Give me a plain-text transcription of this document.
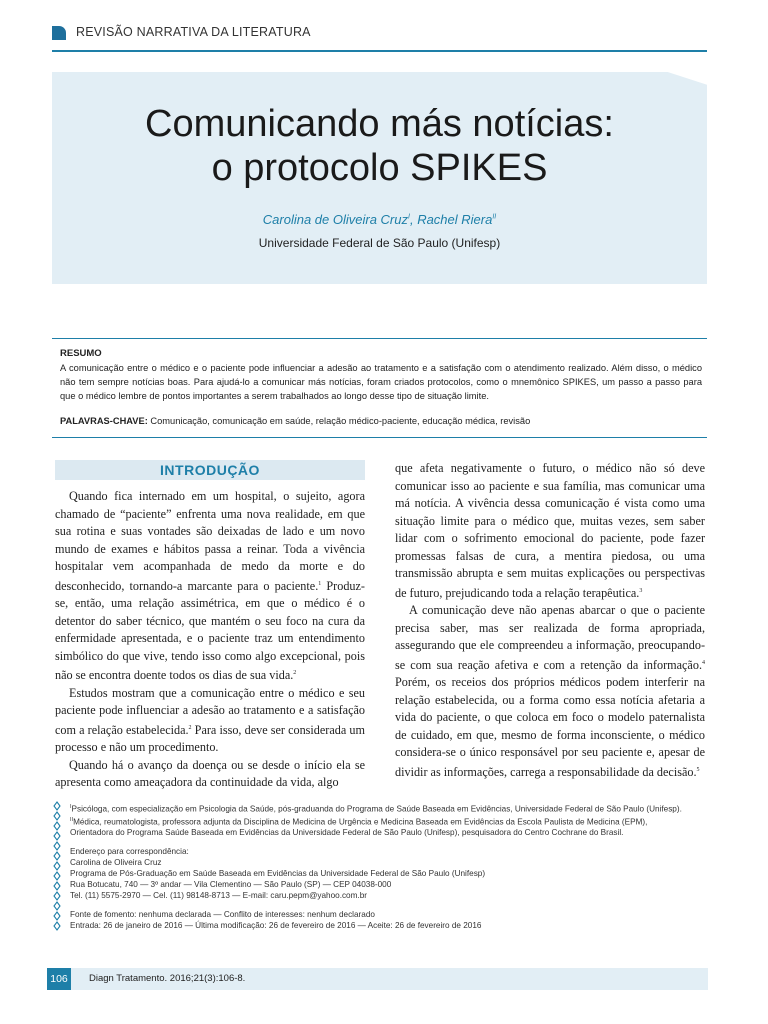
REVISÃO NARRATIVA DA LITERATURA
Comunicando más notícias:
o protocolo SPIKES
Carolina de Oliveira Cruz$^I$, Rachel Riera$^{II}$
Universidade Federal de São Paulo (Unifesp)
RESUMO
A comunicação entre o médico e o paciente pode influenciar a adesão ao tratamento e a satisfação com o atendimento realizado. Além disso, o médico não tem sempre notícias boas. Para ajudá-lo a comunicar más notícias, foram criados protocolos, como o mnemônico SPIKES, um passo a passo para que o médico lembre de pontos importantes a serem trabalhados ao longo desse tipo de situação limite.
PALAVRAS-CHAVE: Comunicação, comunicação em saúde, relação médico-paciente, educação médica, revisão
INTRODUÇÃO

Quando fica internado em um hospital, o sujeito, agora chamado de “paciente” enfrenta uma nova realidade, em que sua rotina e suas vontades são deixadas de lado e um novo mundo de exames e hábitos passa a reinar. Toda a vivência hospitalar vem acompanhada de medo da morte e do desconhecido, tornando-a marcante para o paciente.$^1$ Produz-se, então, uma relação assimétrica, em que o médico é o detentor do saber técnico, que mantém o seu foco na cura da enfermidade apresentada, e o paciente traz um entendimento simbólico do que vive, tendo isso como algo excepcional, pois não se encontra doente todos os dias de sua vida.$^2$

Estudos mostram que a comunicação entre o médico e seu paciente pode influenciar a adesão ao tratamento e a satisfação com a relação estabelecida.$^2$ Para isso, deve ser considerada um processo e não um procedimento.

Quando há o avanço da doença ou se desde o início ela se apresenta como ameaçadora da continuidade da vida, algo

que afeta negativamente o futuro, o médico não só deve comunicar isso ao paciente e sua família, mas comunicar uma má notícia. A vivência dessa comunicação é vista como uma situação limite para o médico que, muitas vezes, sem saber lidar com o sofrimento emocional do paciente, pode fazer promessas falsas de cura, a mentira piedosa, ou uma transmissão abrupta e sem muitas explicações ou perspectivas de futuro, prejudicando toda a relação terapêutica.$^3$

A comunicação deve não apenas abarcar o que o paciente precisa saber, mas ser realizada de forma apropriada, assegurando que ele compreendeu a informação, preocupando-se com sua reação afetiva e com a retenção da informação.$^4$ Porém, os receios dos próprios médicos podem interferir na relação estabelecida, ou a forma como essa notícia afetaria a vida do paciente, o que coloca em foco o modelo paternalista de cuidado, em que, mesmo de forma inconsciente, o médico considera-se o único responsável por seu paciente e, apesar de dividir as informações, carrega a responsabilidade da decisão.$^5$

$^I$Psicóloga, com especialização em Psicologia da Saúde, pós-graduanda do Programa de Saúde Baseada em Evidências, Universidade Federal de São Paulo (Unifesp).

$^{II}$Médica, reumatologista, professora adjunta da Disciplina de Medicina de Urgência e Medicina Baseada em Evidências da Escola Paulista de Medicina (EPM),

Orientadora do Programa Saúde Baseada em Evidências da Universidade Federal de São Paulo (Unifesp), pesquisadora do Centro Cochrane do Brasil.

Endereço para correspondência:

Carolina de Oliveira Cruz

Programa de Pós-Graduação em Saúde Baseada em Evidências da Universidade Federal de São Paulo (Unifesp)

Rua Botucatu, 740 — 3º andar — Vila Clementino — São Paulo (SP) — CEP 04038-000

Tel. (11) 5575-2970 — Cel. (11) 98148-8713 — E-mail: caru.pepm@yahoo.com.br

Fonte de fomento: nenhuma declarada — Conflito de interesses: nenhum declarado

Entrada: 26 de janeiro de 2016 — Última modificação: 26 de fevereiro de 2016 — Aceite: 26 de fevereiro de 2016

106	Diagn Tratamento. 2016;21(3):106-8.
